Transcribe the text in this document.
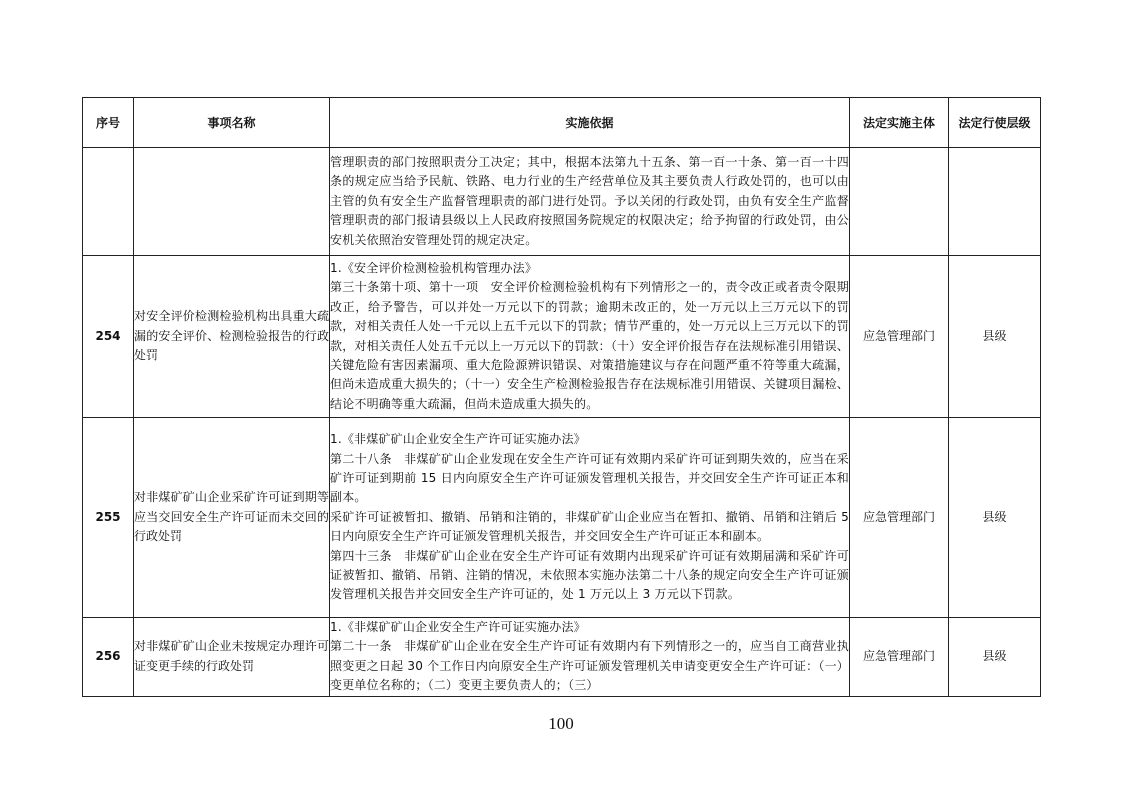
序号	事项名称	实施依据	法定实施主体	法定行使层级

		管理职责的部门按照职责分工决定；其中，根据本法第九十五条、第一百一十条、第一百一十四条的规定应当给予民航、铁路、电力行业的生产经营单位及其主要负责人行政处罚的，也可以由主管的负有安全生产监督管理职责的部门进行处罚。予以关闭的行政处罚，由负有安全生产监督管理职责的部门报请县级以上人民政府按照国务院规定的权限决定；给予拘留的行政处罚，由公安机关依照治安管理处罚的规定决定。		

254	对安全评价检测检验机构出具重大疏漏的安全评价、检测检验报告的行政处罚	1.《安全评价检测检验机构管理办法》

第三十条第十项、第十一项　安全评价检测检验机构有下列情形之一的，责令改正或者责令限期改正，给予警告，可以并处一万元以下的罚款；逾期未改正的，处一万元以上三万元以下的罚款，对相关责任人处一千元以上五千元以下的罚款；情节严重的，处一万元以上三万元以下的罚款，对相关责任人处五千元以上一万元以下的罚款：（十）安全评价报告存在法规标准引用错误、关键危险有害因素漏项、重大危险源辨识错误、对策措施建议与存在问题严重不符等重大疏漏，但尚未造成重大损失的；（十一）安全生产检测检验报告存在法规标准引用错误、关键项目漏检、结论不明确等重大疏漏，但尚未造成重大损失的。	应急管理部门	县级
255	对非煤矿矿山企业采矿许可证到期等应当交回安全生产许可证而未交回的行政处罚	1.《非煤矿矿山企业安全生产许可证实施办法》

第二十八条　非煤矿矿山企业发现在安全生产许可证有效期内采矿许可证到期失效的，应当在采矿许可证到期前 15 日内向原安全生产许可证颁发管理机关报告，并交回安全生产许可证正本和副本。

采矿许可证被暂扣、撤销、吊销和注销的，非煤矿矿山企业应当在暂扣、撤销、吊销和注销后 5 日内向原安全生产许可证颁发管理机关报告，并交回安全生产许可证正本和副本。

第四十三条　非煤矿矿山企业在安全生产许可证有效期内出现采矿许可证有效期届满和采矿许可证被暂扣、撤销、吊销、注销的情况，未依照本实施办法第二十八条的规定向安全生产许可证颁发管理机关报告并交回安全生产许可证的，处 1 万元以上 3 万元以下罚款。	应急管理部门	县级
256	对非煤矿矿山企业未按规定办理许可证变更手续的行政处罚	1.《非煤矿矿山企业安全生产许可证实施办法》

第二十一条　非煤矿矿山企业在安全生产许可证有效期内有下列情形之一的，应当自工商营业执照变更之日起 30 个工作日内向原安全生产许可证颁发管理机关申请变更安全生产许可证：（一）变更单位名称的；（二）变更主要负责人的；（三）	应急管理部门	县级
100
